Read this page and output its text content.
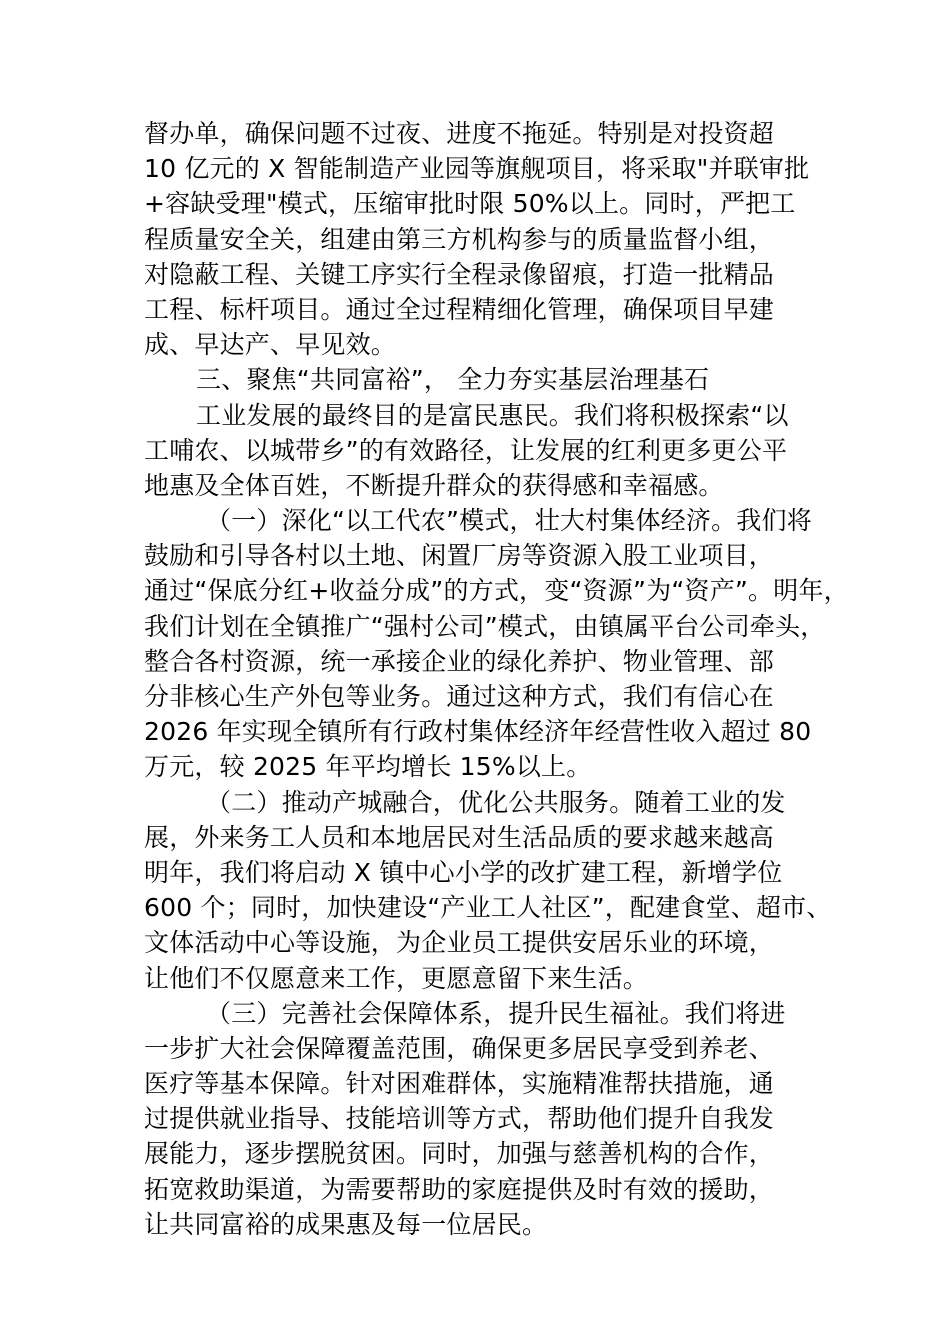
督办单，确保问题不过夜、进度不拖延。特别是对投资超
10 亿元的 X 智能制造产业园等旗舰项目，将采取"并联审批
+容缺受理"模式，压缩审批时限 50%以上。同时，严把工
程质量安全关，组建由第三方机构参与的质量监督小组，
对隐蔽工程、关键工序实行全程录像留痕，打造一批精品
工程、标杆项目。通过全过程精细化管理，确保项目早建
成、早达产、早见效。
三、聚焦“共同富裕”， 全力夯实基层治理基石
工业发展的最终目的是富民惠民。我们将积极探索“以
工哺农、以城带乡”的有效路径，让发展的红利更多更公平
地惠及全体百姓，不断提升群众的获得感和幸福感。
（一）深化“以工代农”模式，壮大村集体经济。我们将
鼓励和引导各村以土地、闲置厂房等资源入股工业项目，
通过“保底分红+收益分成”的方式，变“资源”为“资产”。明年，
我们计划在全镇推广“强村公司”模式，由镇属平台公司牵头，
整合各村资源，统一承接企业的绿化养护、物业管理、部
分非核心生产外包等业务。通过这种方式，我们有信心在
2026 年实现全镇所有行政村集体经济年经营性收入超过 80
万元，较 2025 年平均增长 15%以上。
（二）推动产城融合，优化公共服务。随着工业的发
展，外来务工人员和本地居民对生活品质的要求越来越高
明年，我们将启动 X 镇中心小学的改扩建工程，新增学位
600 个；同时，加快建设“产业工人社区”，配建食堂、超市、
文体活动中心等设施，为企业员工提供安居乐业的环境，
让他们不仅愿意来工作，更愿意留下来生活。
（三）完善社会保障体系，提升民生福祉。我们将进
一步扩大社会保障覆盖范围，确保更多居民享受到养老、
医疗等基本保障。针对困难群体，实施精准帮扶措施，通
过提供就业指导、技能培训等方式，帮助他们提升自我发
展能力，逐步摆脱贫困。同时，加强与慈善机构的合作，
拓宽救助渠道，为需要帮助的家庭提供及时有效的援助，
让共同富裕的成果惠及每一位居民。
